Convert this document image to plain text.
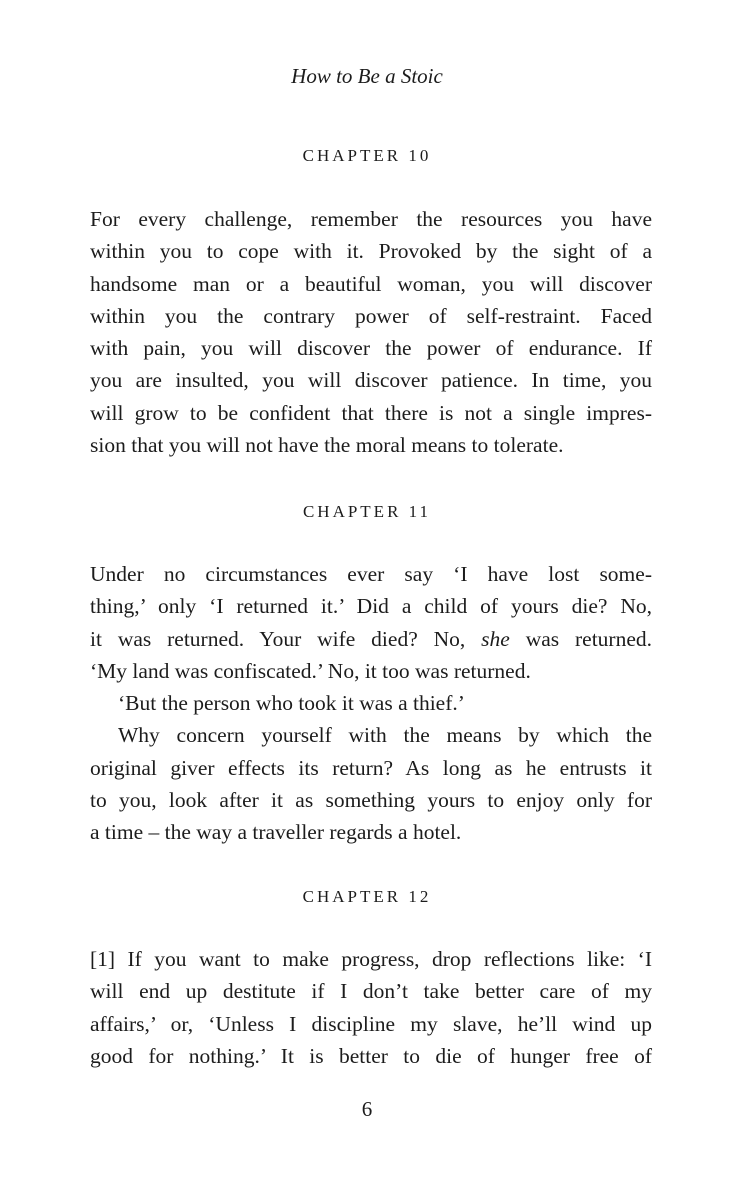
How to Be a Stoic
CHAPTER 10

For every challenge, remember the resources you have
within you to cope with it. Provoked by the sight of a
handsome man or a beautiful woman, you will discover
within you the contrary power of self-restraint. Faced
with pain, you will discover the power of endurance. If
you are insulted, you will discover patience. In time, you
will grow to be confident that there is not a single impres-
sion that you will not have the moral means to tolerate.

CHAPTER 11

Under no circumstances ever say ‘I have lost some-
thing,’ only ‘I returned it.’ Did a child of yours die? No,
it was returned. Your wife died? No, she was returned.
‘My land was confiscated.’ No, it too was returned.
‘But the person who took it was a thief.’
Why concern yourself with the means by which the
original giver effects its return? As long as he entrusts it
to you, look after it as something yours to enjoy only for
a time – the way a traveller regards a hotel.

CHAPTER 12

[1] If you want to make progress, drop reflections like: ‘I
will end up destitute if I don’t take better care of my
affairs,’ or, ‘Unless I discipline my slave, he’ll wind up
good for nothing.’ It is better to die of hunger free of

6
